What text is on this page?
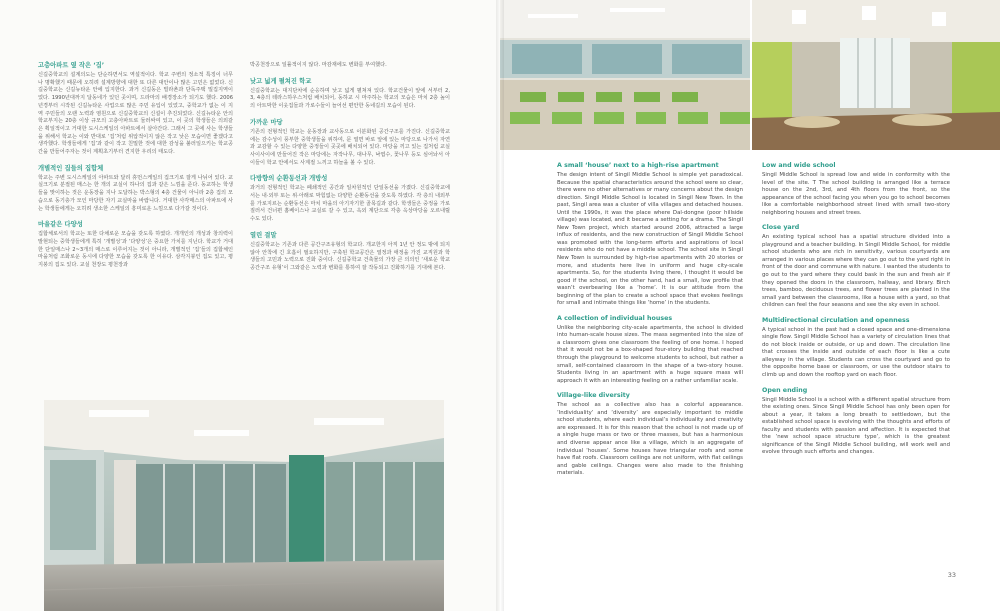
고층아파트 옆 작은 ‘집’

신길중학교의 설계의도는 단순하면서도 역설적이다. 학교 주변의 정소적 특징이 너무나 명확했기 때문에 오히려 설계방향에 대한 또 다른 대안이나 많은 고민은 없었다. 신길중학교는 신길뉴타운 안에 입지한다. 과거 신길동은 빌라촌과 단독주택 밀집지역이었다. 1990년대까지 달동네가 있던 곳이며, 드라마의 배경장소가 되기도 했다. 2006년경부터 시작된 신길뉴타운 사업으로 많은 주민 유입이 있었고, 중학교가 없는 이 지역 주민들의 오랜 노력과 염원으로 신길중학교의 신설이 추진되었다. 신길뉴타운 안의 학교부지는 20층 이상 규모의 고층아파트로 둘러싸여 있고, 이 곳의 학생들은 의외같은 획일적이고 거대한 도시스케일의 아파트에서 살아간다. 그래서 그 곳에 사는 학생들을 위해서 학교는 이와 반대로 ‘집’처럼 위압적이지 않은 작고 낮은 모습이면 좋겠다고 생각했다. 학생들에게 ‘집’과 같이 작고 친밀한 것에 대한 감성을 불러일으키는 학교공간을 만들어주자는 것이 계획초기부터 견지한 우리의 태도다.

개별적인 집들의 집합체

학교는 주변 도시스케일의 아파트와 달리 휴먼스케일의 집크기로 잘게 나뉘어 있다. 교실크기로 분절된 매스는 한 개의 교실이 하나의 집과 같은 느낌을 준다. 동교하는 학생들을 맞이하는 것은 운동장을 지나 도달하는 박스형의 4층 건물이 아니라 2층 집의 모습으로 동기층가 모인 마당한 자기 교실마을 바랍니다. 거대한 사각매스의 아파트에 사는 학생들에게는 오히려 생소한 스케일의 흥미로운 느낌으로 다가갈 것이다.

마을같은 다양성

집합체로서의 학교는 또한 다채로운 모습을 갖도록 하였다. 개개인의 개성과 창의력이 발현되는 중학생들에게 특히 ‘개별성’과 ‘다양성’은 중요한 가치를 지닌다. 학교가 거대한 단일매스나 2~3개의 매스로 이루어지는 것이 아니라, 개별적인 ‘집’들의 집합체인 마을처럼 조화로운 동시에 다양한 모습을 갖도록 한 이유다. 삼각지붕인 집도 있고, 평지붕의 집도 있다. 교실 천장도 평천장과

박공천장으로 일률적이지 않다. 마감재에도 변화를 부여했다.

낮고 넓게 펼쳐진 학교

신길중학교는 대지단차에 순응하며 낮고 넓게 펼쳐져 있다. 학교건물이 앞에 서부터 2, 3, 4층의 테라스하우스처럼 배치되어, 동하교 시 마주하는 학교의 모습은 마치 2층 높이의 아트막한 이웃집들과 가로수들이 늘어선 편안한 동네길의 모습이 된다.

가까운 마당

기존의 전형적인 학교는 운동장과 교사동으로 이분화된 공간구조를 가진다. 신길중학교에는 감수성이 풍부한 중학생들을 위하여, 문 열면 바로 앞에 있는 마당으로 나가서 자연과 교감할 수 있는 다양한 중정들이 곳곳에 배치되어 있다. 마당을 끼고 있는 집처럼 교실 사이사이에 만들어진 작은 마당에는 자작나무, 대나무, 낙엽수, 꽃나무 등도 심어놔서 아이들이 학교 안에서도 사계절 느끼고 하늘을 볼 수 있다.

다방향의 순환동선과 개방성

과거의 전형적인 학교는 폐쇄적인 공간과 일차원적인 단일동선을 가졌다. 신길중학교에서는 내·외부 또는 위·아래로 막힘없는 다양한 순환동선을 갖도록 하였다. 각 층의 내외부를 가로지르는 순환동선은 마치 마을의 아기자기한 골목길과 같다. 학생들은 중정을 가로질러서 건너편 홈베이스나 교실로 갈 수 있고, 옥외 계단으로 각층 옥상마당을 오르내릴 수도 있다.

열린 결말

신길중학교는 기존과 다른 공간구조유형의 학교다. 개교한지 아직 1년 안 정도 밖에 되지 않아 안착에 긴 호흡이 필요하지만, 구축된 학교공간은 열정과 애정을 가진 교직원과 학생들의 고민과 노력으로 진화 중이다. 신길중학교 건축물의 가장 큰 의의인 ‘새로운 학교공간구조 유형’이 그와같은 노력과 변화를 통하여 잘 작동되고 진화하기를 기대해 본다.

A small ‘house’ next to a high-rise apartment

The design intent of Singil Middle School is simple yet paradoxical. Because the spatial characteristics around the school were so clear, there were no other alternatives or many concerns about the design direction. Singil Middle School is located in Singil New Town. In the past, Singil area was a cluster of villa villages and detached houses. Until the 1990s, it was the place where Dal-dongne (poor hillside village) was located, and it became a setting for a drama. The Singil New Town project, which started around 2006, attracted a large influx of residents, and the new construction of Singil Middle School was promoted with the long-term efforts and aspirations of local residents who do not have a middle school. The school site in Singil New Town is surrounded by high-rise apartments with 20 stories or more, and students here live in uniform and huge city-scale apartments. So, for the students living there, I thought it would be good if the school, on the other hand, had a small, low profile that wasn’t overbearing like a ‘home’. It is our attitude from the beginning of the plan to create a school space that evokes feelings for small and intimate things like ‘home’ in the students.

A collection of individual houses

Unlike the neighboring city-scale apartments, the school is divided into human-scale house sizes. The mass segmented into the size of a classroom gives one classroom the feeling of one home. I hoped that it would not be a box-shaped four-story building that reached through the playground to welcome students to school, but rather a small, self-contained classroom in the shape of a two-story house. Students living in an apartment with a huge square mass will approach it with an interesting feeling on a rather unfamiliar scale.

Village-like diversity

The school as a collective also has a colorful appearance. ‘Individuality’ and ‘diversity’ are especially important to middle school students, where each individual’s individuality and creativity are expressed. It is for this reason that the school is not made up of a single huge mass or two or three masses, but has a harmonious and diverse appear ance like a village, which is an aggregate of individual ‘houses’. Some houses have triangular roofs and some have flat roofs. Classroom ceilings are not uniform, with flat ceilings and gable ceilings. Changes were also made to the finishing materials.

Low and wide school

Singil Middle School is spread low and wide in conformity with the level of the site. T The school building is arranged like a terrace house on the 2nd, 3rd, and 4th floors from the front, so the appearance of the school facing you when you go to school becomes like a comfortable neighborhood street lined with small two-story neighboring houses and street trees.

Close yard

An existing typical school has a spatial structure divided into a playground and a teacher building. In Singil Middle School, for middle school students who are rich in sensitivity, various courtyards are arranged in various places where they can go out to the yard right in front of the door and commune with nature. I wanted the students to go out to the yard where they could bask in the sun and fresh air if they opened the doors in the classroom, hallway, and library. Birch trees, bamboo, deciduous trees, and flower trees are planted in the small yard between the classrooms, like a house with a yard, so that children can feel the four seasons and see the sky even in school.

Multidirectional circulation and openness

A typical school in the past had a closed space and one-dimensiona single flow. Singil Middle School has a variety of circulation lines that do not block inside or outside, or up and down. The circulation line that crosses the inside and outside of each floor is like a cute alleyway in the village. Students can cross the courtyard and go to the opposite home base or classroom, or use the outdoor stairs to climb up and down the rooftop yard on each floor.

Open ending

Singil Middle School is a school with a different spatial structure from the existing ones. Since Singil Middle School has only been open for about a year, it takes a long breath to settledown, but the established school space is evolving with the thoughts and efforts of faculty and students with passion and affection. It is expected that the ‘new school space structure type’, which is the greatest significance of the Singil Middle School building, will work well and evolve through such efforts and changes.

33
